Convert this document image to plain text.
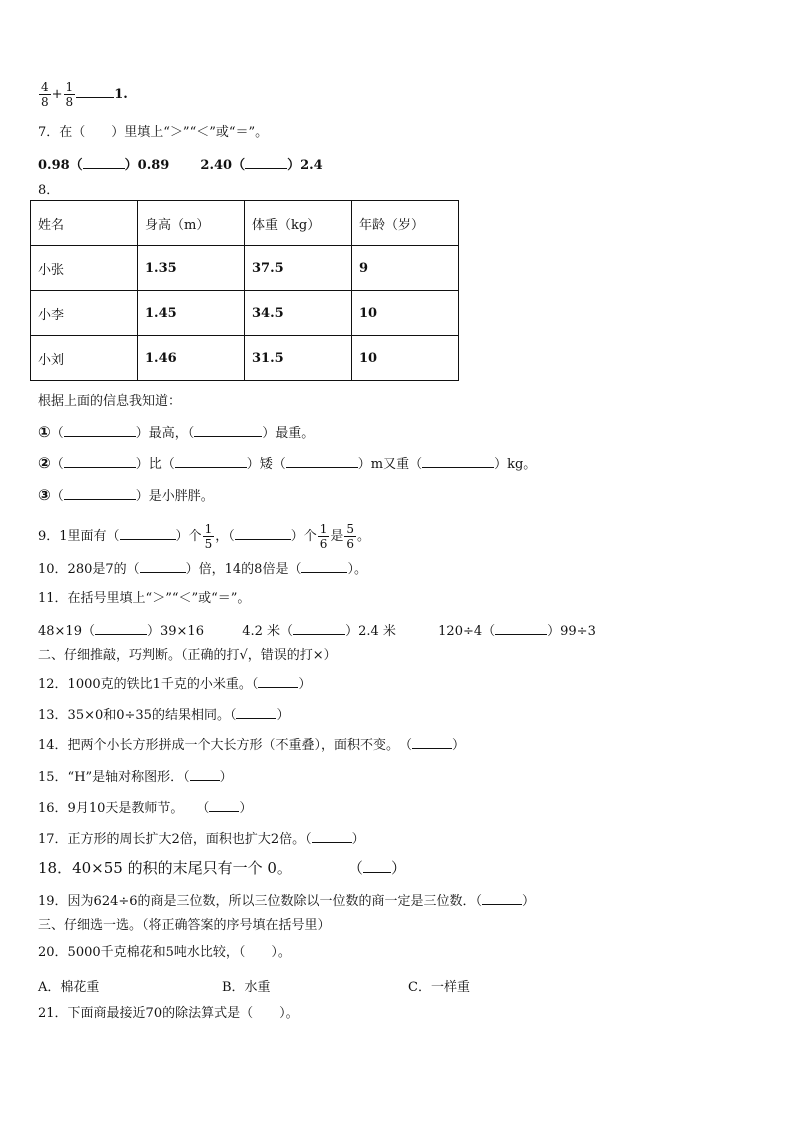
$\frac{4}{8} + \frac{1}{8}$	1.
7．在（　　）里填上“＞”“＜”或“＝”。
0.98（	）0.89 2.40（	）2.4
8．
姓名	身高（m）	体重（kg）	年龄（岁）
小张	1.35	37.5	9
小李	1.45	34.5	10
小刘	1.46	31.5	10
根据上面的信息我知道：
①（	）最高，（	）最重。
②（	）比（	）矮（	）m又重（	）kg。
③（	）是小胖胖。
9．1里面有（	）个 $\frac{1}{5}$ ，（	）个 $\frac{1}{6}$ 是 $\frac{5}{6}$ 。
10．280是7的（	）倍，14的8倍是（	）。
11．在括号里填上“＞”“＜”或“＝”。
48×19（	）39×16	4.2 米（	）2.4 米	120÷4（	）99÷3
二、仔细推敲，巧判断。（正确的打√，错误的打×）
12．1000克的铁比1千克的小米重。（	）
13．35×0和0÷35的结果相同。（	）
14．把两个小长方形拼成一个大长方形（不重叠），面积不变。　（	）
15．“H”是轴对称图形．（ ）
16．9月10天是教师节。　　（ ）
17．正方形的周长扩大2倍，面积也扩大2倍。（	）
18．40×55 的积的末尾只有一个 0。	（ ）
19．因为624÷6的商是三位数，所以三位数除以一位数的商一定是三位数．（	）
三、仔细选一选。（将正确答案的序号填在括号里）
20．5000千克棉花和5吨水比较，（　　）。
A．棉花重	B．水重	C．一样重
21．下面商最接近70的除法算式是（　　）。
